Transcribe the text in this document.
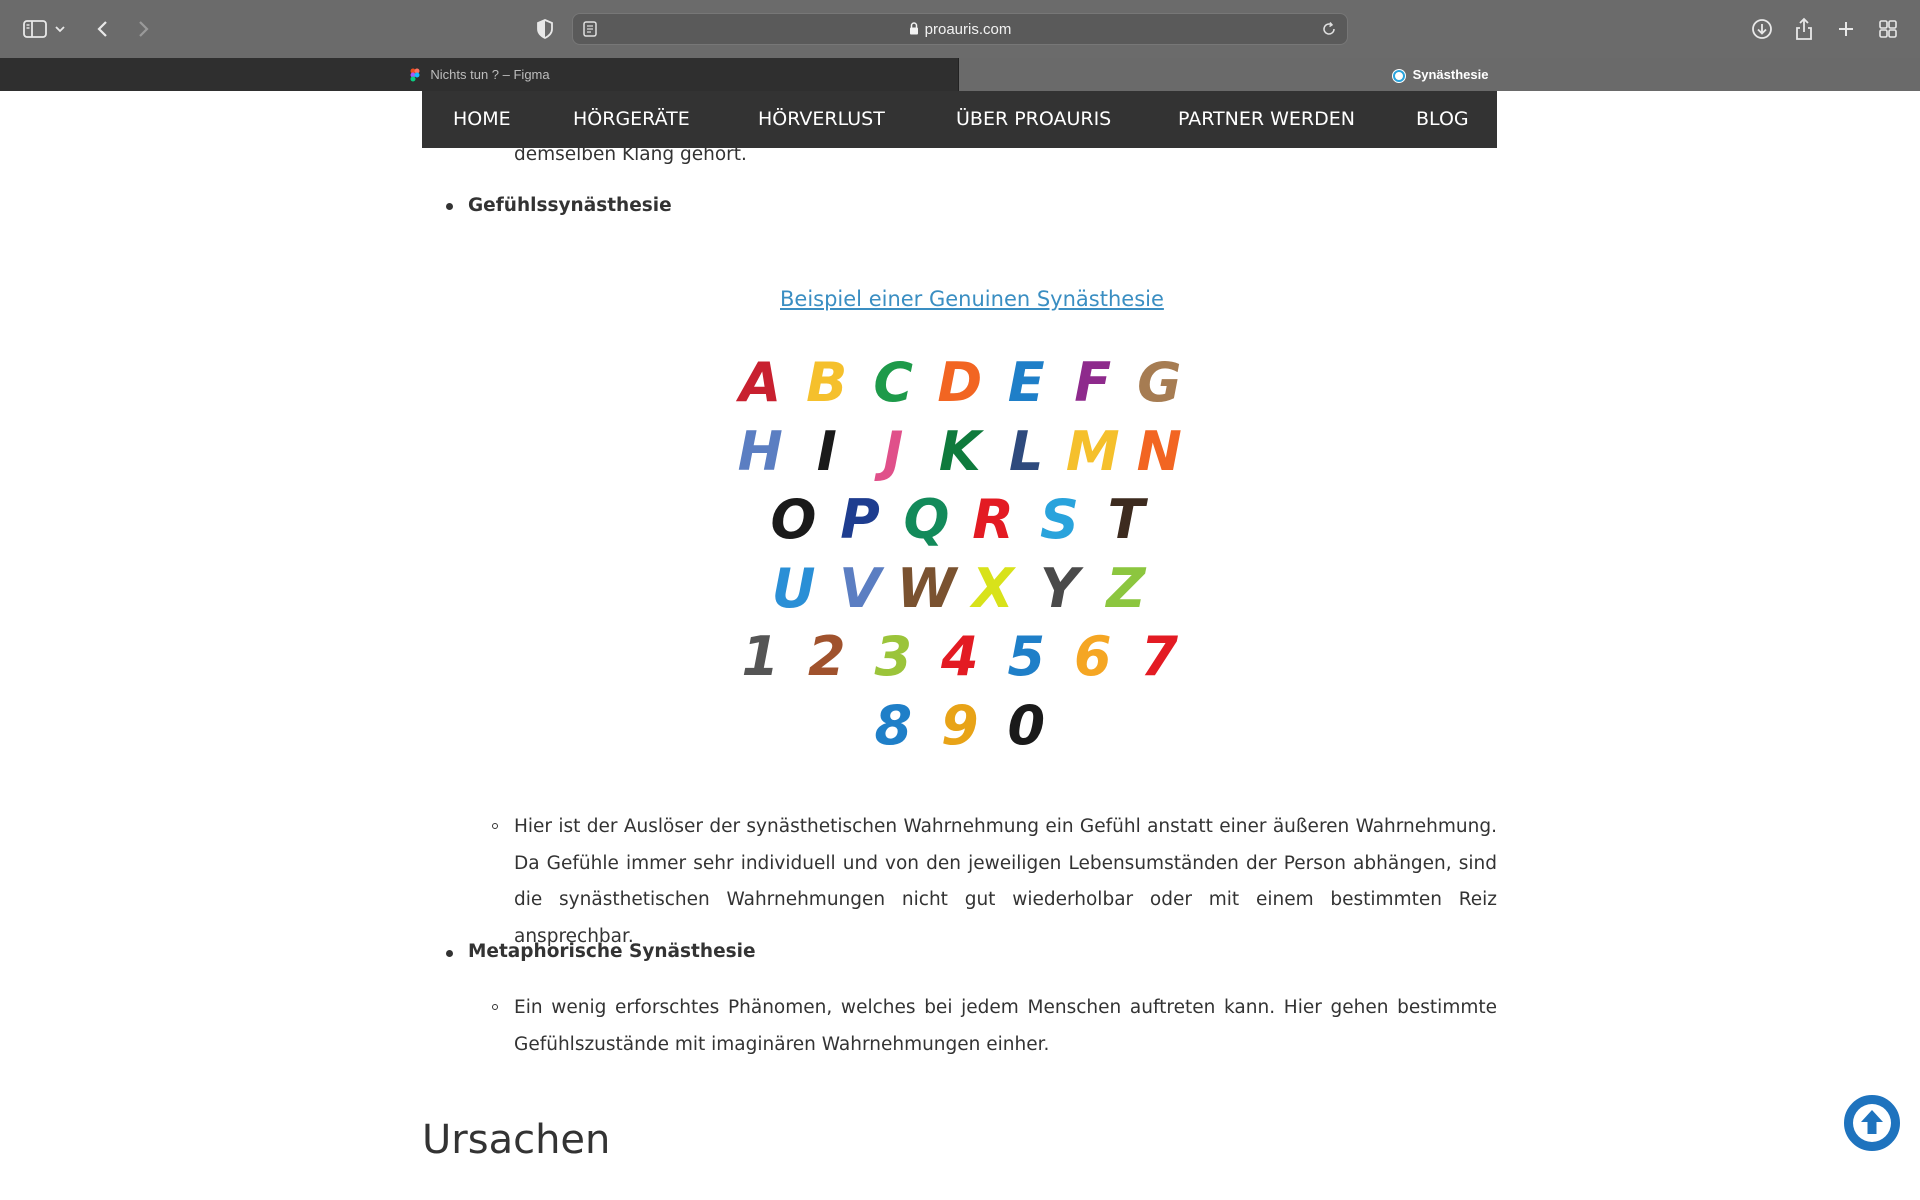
proauris.com
Nichts tun ? – Figma	Synästhesie
HOME	HÖRGERÄTE	HÖRVERLUST	ÜBER PROAURIS	PARTNER WERDEN	BLOG
demselben Klang gehört.
Gefühlssynästhesie
Beispiel einer Genuinen Synästhesie
A B C D E F G
H I J K L M N
O P Q R S T
U V W X Y Z
1 2 3 4 5 6 7
8 9 0
Hier ist der Auslöser der synästhetischen Wahrnehmung ein Gefühl anstatt einer äußeren Wahrnehmung. Da Gefühle immer sehr individuell und von den jeweiligen Lebensumständen der Person abhängen, sind die synästhetischen Wahrnehmungen nicht gut wiederholbar oder mit einem bestimmten Reiz ansprechbar.
Metaphorische Synästhesie
Ein wenig erforschtes Phänomen, welches bei jedem Menschen auftreten kann. Hier gehen bestimmte Gefühlszustände mit imaginären Wahrnehmungen einher.
Ursachen
